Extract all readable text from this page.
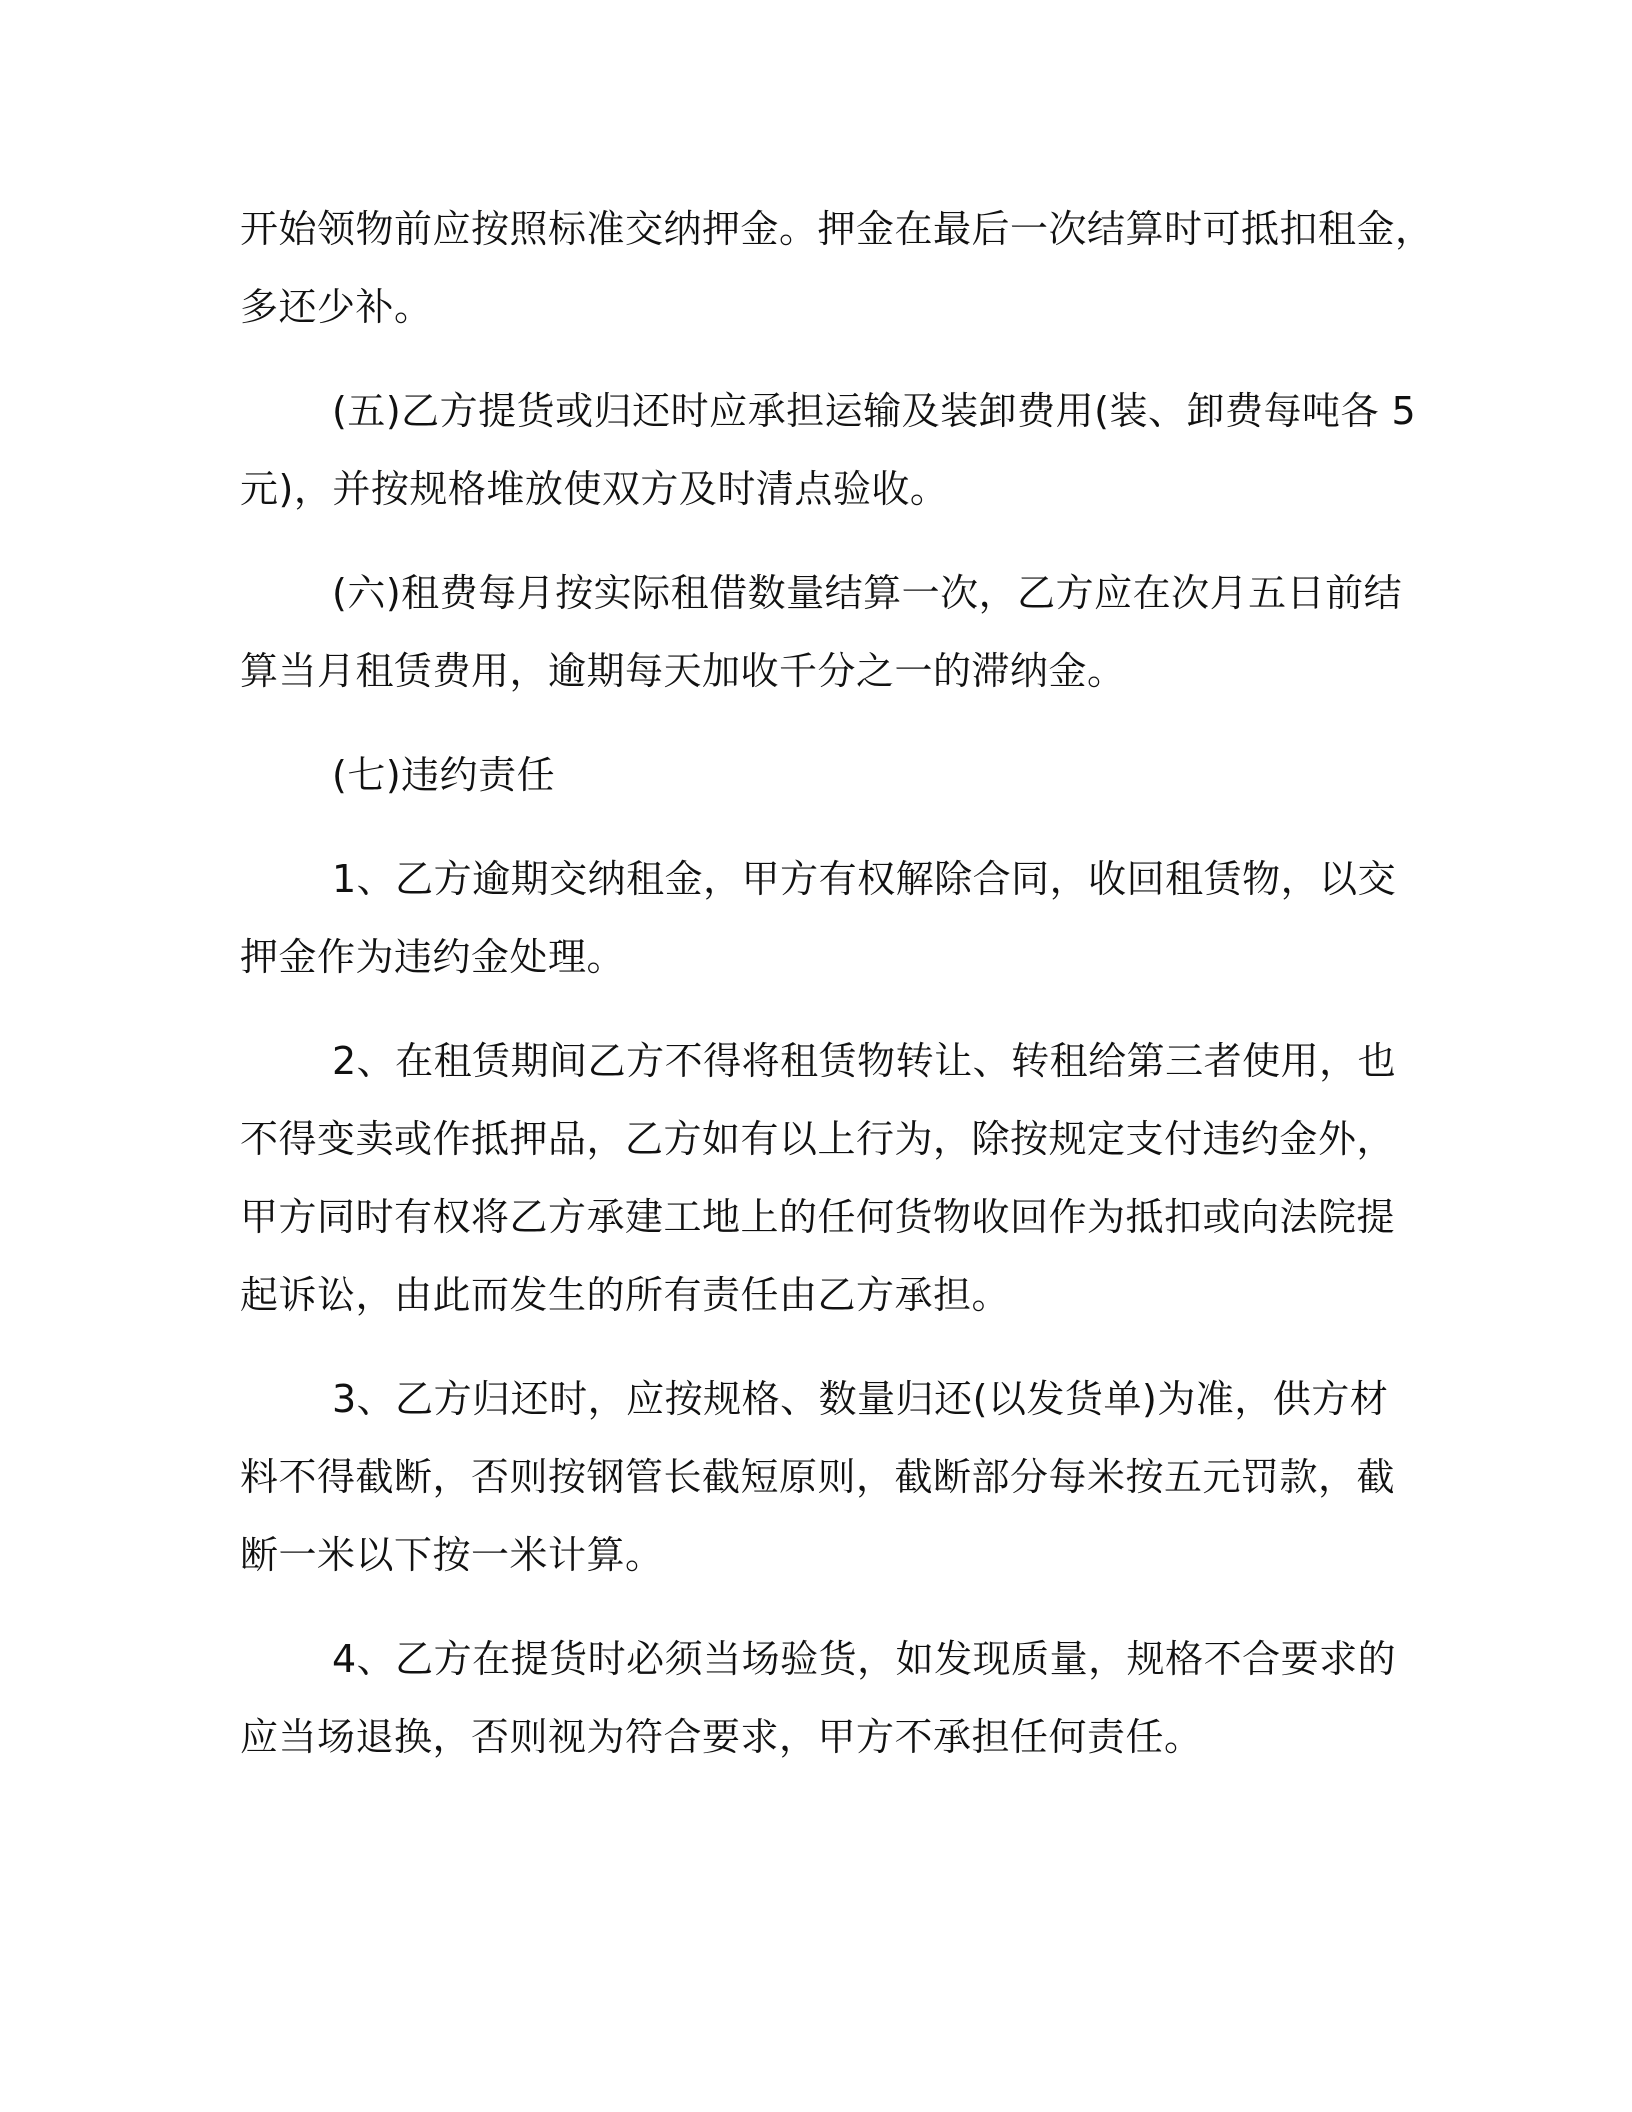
开始领物前应按照标准交纳押金。押金在最后一次结算时可抵扣租金，
多还少补。
(五)乙方提货或归还时应承担运输及装卸费用(装、卸费每吨各 5
元)，并按规格堆放使双方及时清点验收。
(六)租费每月按实际租借数量结算一次，乙方应在次月五日前结
算当月租赁费用，逾期每天加收千分之一的滞纳金。
(七)违约责任
1、乙方逾期交纳租金，甲方有权解除合同，收回租赁物，以交
押金作为违约金处理。
2、在租赁期间乙方不得将租赁物转让、转租给第三者使用，也
不得变卖或作抵押品，乙方如有以上行为，除按规定支付违约金外，
甲方同时有权将乙方承建工地上的任何货物收回作为抵扣或向法院提
起诉讼，由此而发生的所有责任由乙方承担。
3、乙方归还时，应按规格、数量归还(以发货单)为准，供方材
料不得截断，否则按钢管长截短原则，截断部分每米按五元罚款，截
断一米以下按一米计算。
4、乙方在提货时必须当场验货，如发现质量，规格不合要求的
应当场退换，否则视为符合要求，甲方不承担任何责任。
